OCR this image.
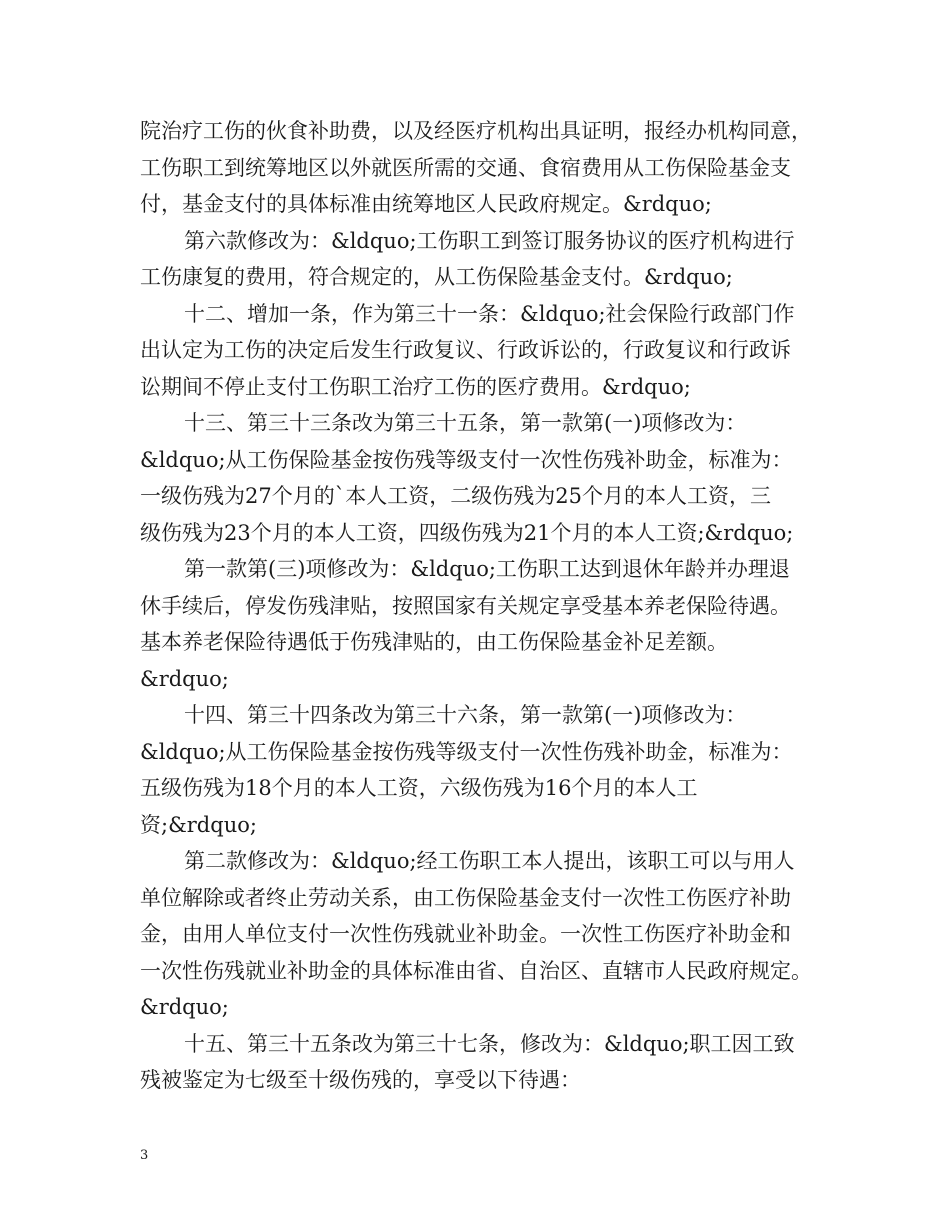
院治疗工伤的伙食补助费，以及经医疗机构出具证明，报经办机构同意，
工伤职工到统筹地区以外就医所需的交通、食宿费用从工伤保险基金支
付，基金支付的具体标准由统筹地区人民政府规定。&rdquo;
第六款修改为：&ldquo;工伤职工到签订服务协议的医疗机构进行
工伤康复的费用，符合规定的，从工伤保险基金支付。&rdquo;
十二、增加一条，作为第三十一条：&ldquo;社会保险行政部门作
出认定为工伤的决定后发生行政复议、行政诉讼的，行政复议和行政诉
讼期间不停止支付工伤职工治疗工伤的医疗费用。&rdquo;
十三、第三十三条改为第三十五条，第一款第(一)项修改为：
&ldquo;从工伤保险基金按伤残等级支付一次性伤残补助金，标准为：
一级伤残为27个月的`本人工资，二级伤残为25个月的本人工资，三
级伤残为23个月的本人工资，四级伤残为21个月的本人工资;&rdquo;
第一款第(三)项修改为：&ldquo;工伤职工达到退休年龄并办理退
休手续后，停发伤残津贴，按照国家有关规定享受基本养老保险待遇。
基本养老保险待遇低于伤残津贴的，由工伤保险基金补足差额。
&rdquo;
十四、第三十四条改为第三十六条，第一款第(一)项修改为：
&ldquo;从工伤保险基金按伤残等级支付一次性伤残补助金，标准为：
五级伤残为18个月的本人工资，六级伤残为16个月的本人工
资;&rdquo;
第二款修改为：&ldquo;经工伤职工本人提出，该职工可以与用人
单位解除或者终止劳动关系，由工伤保险基金支付一次性工伤医疗补助
金，由用人单位支付一次性伤残就业补助金。一次性工伤医疗补助金和
一次性伤残就业补助金的具体标准由省、自治区、直辖市人民政府规定。
&rdquo;
十五、第三十五条改为第三十七条，修改为：&ldquo;职工因工致
残被鉴定为七级至十级伤残的，享受以下待遇：
3
